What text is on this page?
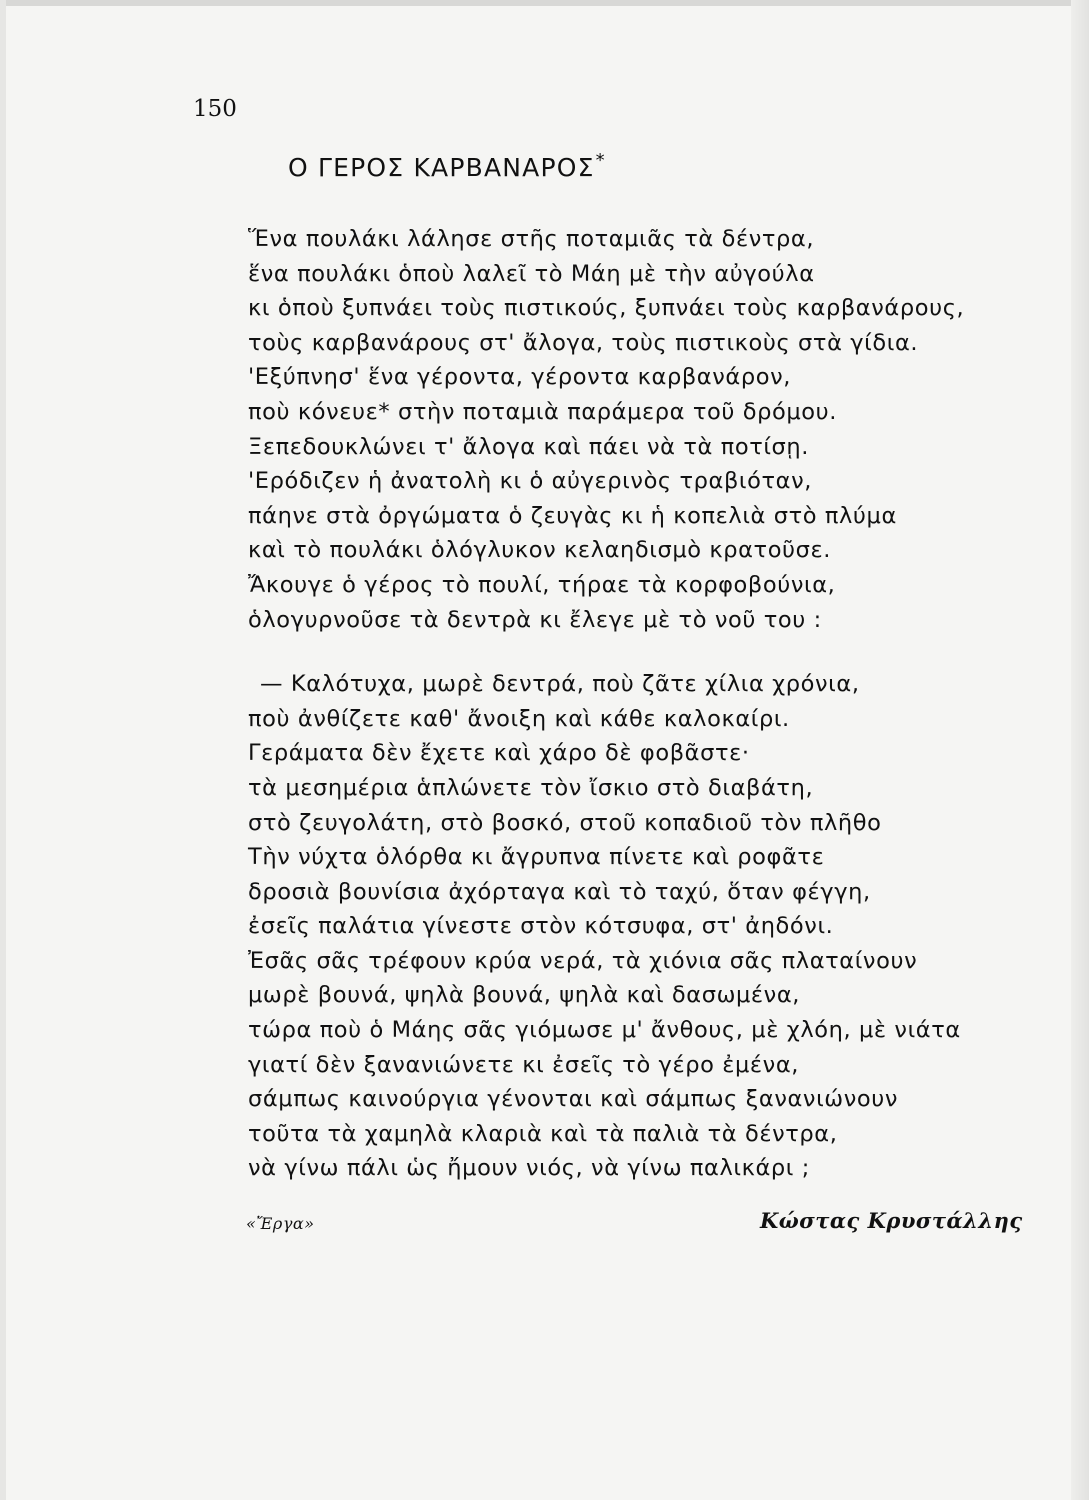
150
Ο ΓΕΡΟΣ ΚΑΡΒΑΝΑΡΟΣ*
Ἕνα πουλάκι λάλησε στῆς ποταμιᾶς τὰ δέντρα,
ἕνα πουλάκι ὁποὺ λαλεῖ τὸ Μάη μὲ τὴν αὐγούλα
κι ὁποὺ ξυπνάει τοὺς πιστικούς, ξυπνάει τοὺς καρβανάρους,
τοὺς καρβανάρους στ' ἄλογα, τοὺς πιστικοὺς στὰ γίδια.
'Εξύπνησ' ἕνα γέροντα, γέροντα καρβανάρον,
ποὺ κόνευε* στὴν ποταμιὰ παράμερα τοῦ δρόμου.
Ξεπεδουκλώνει τ' ἄλογα καὶ πάει νὰ τὰ ποτίσῃ.
'Ερόδιζεν ἡ ἀνατολὴ κι ὁ αὐγερινὸς τραβιόταν,
πάηνε στὰ ὀργώματα ὁ ζευγὰς κι ἡ κοπελιὰ στὸ πλύμα
καὶ τὸ πουλάκι ὁλόγλυκον κελαηδισμὸ κρατοῦσε.
Ἄκουγε ὁ γέρος τὸ πουλί, τήραε τὰ κορφοβούνια,
ὁλογυρνοῦσε τὰ δεντρὰ κι ἔλεγε μὲ τὸ νοῦ του :
— Καλότυχα, μωρὲ δεντρά, ποὺ ζᾶτε χίλια χρόνια,
ποὺ ἀνθίζετε καθ' ἄνοιξη καὶ κάθε καλοκαίρι.
Γεράματα δὲν ἔχετε καὶ χάρο δὲ φοβᾶστε·
τὰ μεσημέρια ἁπλώνετε τὸν ἴσκιο στὸ διαβάτη,
στὸ ζευγολάτη, στὸ βοσκό, στοῦ κοπαδιοῦ τὸν πλῆθο
Τὴν νύχτα ὁλόρθα κι ἄγρυπνα πίνετε καὶ ροφᾶτε
δροσιὰ βουνίσια ἀχόρταγα καὶ τὸ ταχύ, ὅταν φέγγη,
ἐσεῖς παλάτια γίνεστε στὸν κότσυφα, στ' ἀηδόνι.
Ἐσᾶς σᾶς τρέφουν κρύα νερά, τὰ χιόνια σᾶς πλαταίνουν
μωρὲ βουνά, ψηλὰ βουνά, ψηλὰ καὶ δασωμένα,
τώρα ποὺ ὁ Μάης σᾶς γιόμωσε μ' ἄνθους, μὲ χλόη, μὲ νιάτα
γιατί δὲν ξανανιώνετε κι ἐσεῖς τὸ γέρο ἐμένα,
σάμπως καινούργια γένονται καὶ σάμπως ξανανιώνουν
τοῦτα τὰ χαμηλὰ κλαριὰ καὶ τὰ παλιὰ τὰ δέντρα,
νὰ γίνω πάλι ὡς ἤμουν νιός, νὰ γίνω παλικάρι ;
«Ἔργα»	Κώστας Κρυστάλλης
